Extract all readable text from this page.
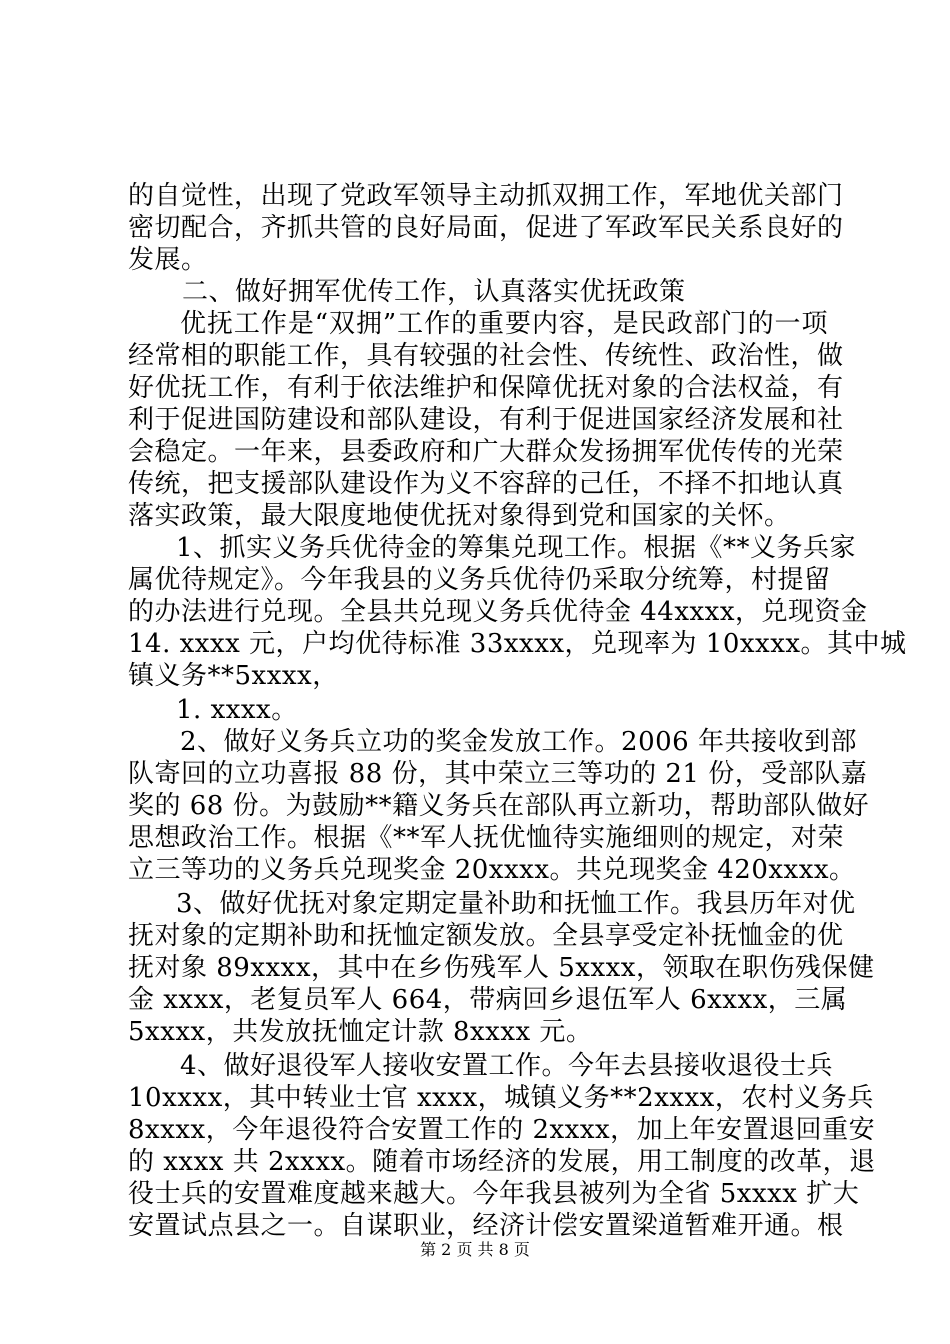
的自觉性，出现了党政军领导主动抓双拥工作，军地优关部门
密切配合，齐抓共管的良好局面，促进了军政军民关系良好的
发展。
二、做好拥军优传工作，认真落实优抚政策
优抚工作是“双拥”工作的重要内容，是民政部门的一项
经常相的职能工作，具有较强的社会性、传统性、政治性，做
好优抚工作，有利于依法维护和保障优抚对象的合法权益，有
利于促进国防建设和部队建设，有利于促进国家经济发展和社
会稳定。一年来，县委政府和广大群众发扬拥军优传传的光荣
传统，把支援部队建设作为义不容辞的己任，不择不扣地认真
落实政策，最大限度地使优抚对象得到党和国家的关怀。
1、抓实义务兵优待金的筹集兑现工作。根据《**义务兵家
属优待规定》。今年我县的义务兵优待仍采取分统筹，村提留
的办法进行兑现。全县共兑现义务兵优待金 44xxxx，兑现资金
14. xxxx 元，户均优待标准 33xxxx，兑现率为 10xxxx。其中城
镇义务**5xxxx，
1. xxxx。
2、做好义务兵立功的奖金发放工作。2006 年共接收到部
队寄回的立功喜报 88 份，其中荣立三等功的 21 份，受部队嘉
奖的 68 份。为鼓励**籍义务兵在部队再立新功，帮助部队做好
思想政治工作。根据《**军人抚优恤待实施细则的规定，对荣
立三等功的义务兵兑现奖金 20xxxx。共兑现奖金 420xxxx。
3、做好优抚对象定期定量补助和抚恤工作。我县历年对优
抚对象的定期补助和抚恤定额发放。全县享受定补抚恤金的优
抚对象 89xxxx，其中在乡伤残军人 5xxxx，领取在职伤残保健
金 xxxx，老复员军人 664，带病回乡退伍军人 6xxxx，三属
5xxxx，共发放抚恤定计款 8xxxx 元。
4、做好退役军人接收安置工作。今年去县接收退役士兵
10xxxx，其中转业士官 xxxx，城镇义务**2xxxx，农村义务兵
8xxxx，今年退役符合安置工作的 2xxxx，加上年安置退回重安
的 xxxx 共 2xxxx。随着市场经济的发展，用工制度的改革，退
役士兵的安置难度越来越大。今年我县被列为全省 5xxxx 扩大
安置试点县之一。自谋职业，经济计偿安置梁道暂难开通。根
第 2 页 共 8 页
